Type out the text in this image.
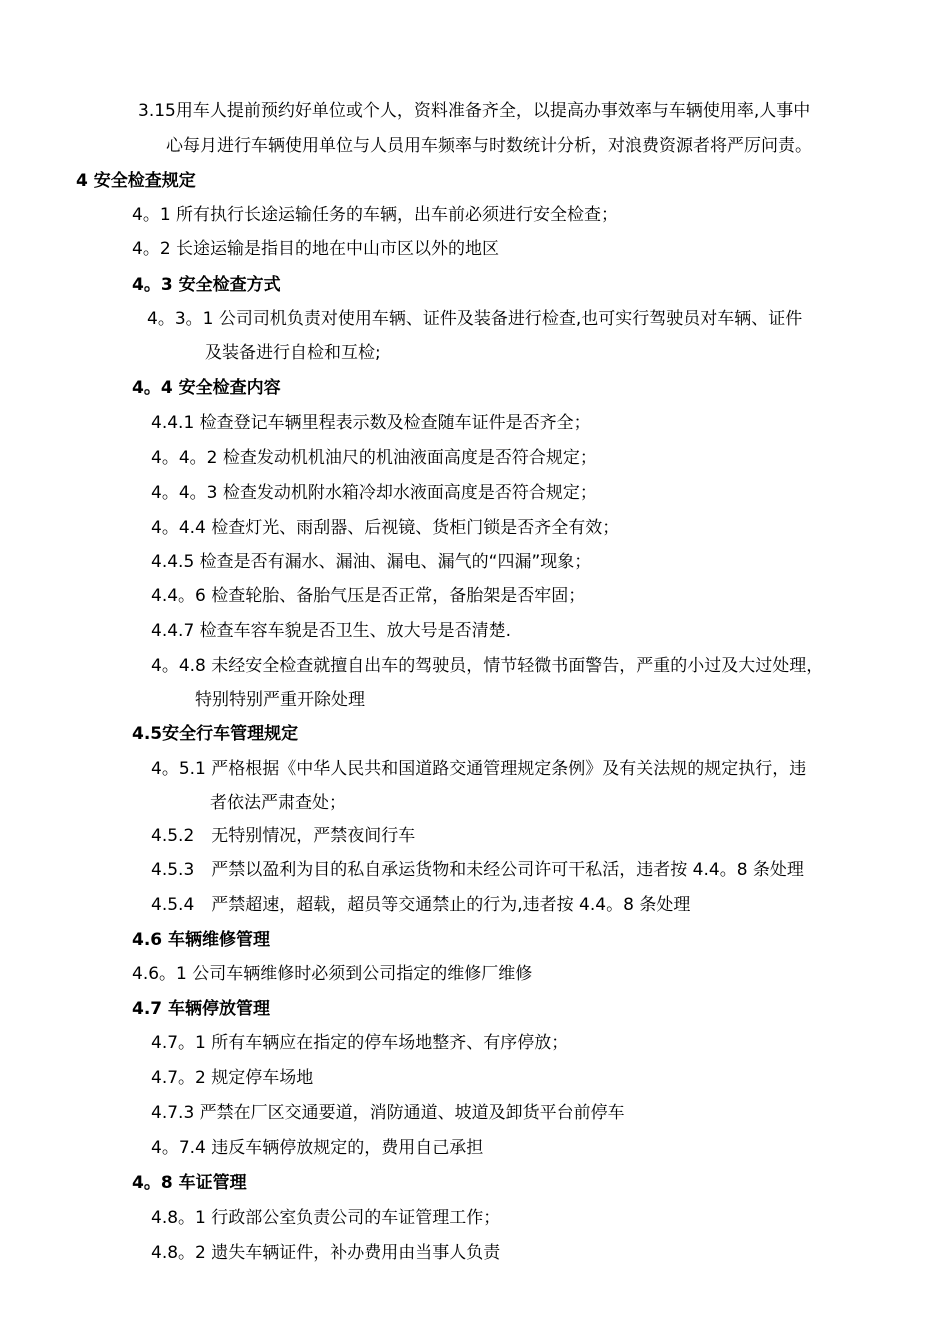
3.15用车人提前预约好单位或个人，资料准备齐全，以提高办事效率与车辆使用率,人事中
心每月进行车辆使用单位与人员用车频率与时数统计分析，对浪费资源者将严厉问责。
4 安全检查规定
4。1 所有执行长途运输任务的车辆，出车前必须进行安全检查；
4。2 长途运输是指目的地在中山市区以外的地区
4。3 安全检查方式
4。3。1 公司司机负责对使用车辆、证件及装备进行检查,也可实行驾驶员对车辆、证件
及装备进行自检和互检;
4。4 安全检查内容
4.4.1 检查登记车辆里程表示数及检查随车证件是否齐全；
4。4。2 检查发动机机油尺的机油液面高度是否符合规定；
4。4。3 检查发动机附水箱冷却水液面高度是否符合规定；
4。4.4 检查灯光、雨刮器、后视镜、货柜门锁是否齐全有效；
4.4.5 检查是否有漏水、漏油、漏电、漏气的“四漏”现象；
4.4。6 检查轮胎、备胎气压是否正常，备胎架是否牢固；
4.4.7 检查车容车貌是否卫生、放大号是否清楚.
4。4.8 未经安全检查就擅自出车的驾驶员，情节轻微书面警告，严重的小过及大过处理，
特别特别严重开除处理
4.5安全行车管理规定
4。5.1 严格根据《中华人民共和国道路交通管理规定条例》及有关法规的规定执行，违
者依法严肃查处；
4.5.2　无特别情况，严禁夜间行车
4.5.3　严禁以盈利为目的私自承运货物和未经公司许可干私活，违者按 4.4。8 条处理
4.5.4　严禁超速，超载，超员等交通禁止的行为,违者按 4.4。8 条处理
4.6 车辆维修管理
4.6。1 公司车辆维修时必须到公司指定的维修厂维修
4.7 车辆停放管理
4.7。1 所有车辆应在指定的停车场地整齐、有序停放；
4.7。2 规定停车场地
4.7.3 严禁在厂区交通要道，消防通道、坡道及卸货平台前停车
4。7.4 违反车辆停放规定的，费用自己承担
4。8 车证管理
4.8。1 行政部公室负责公司的车证管理工作；
4.8。2 遗失车辆证件，补办费用由当事人负责
